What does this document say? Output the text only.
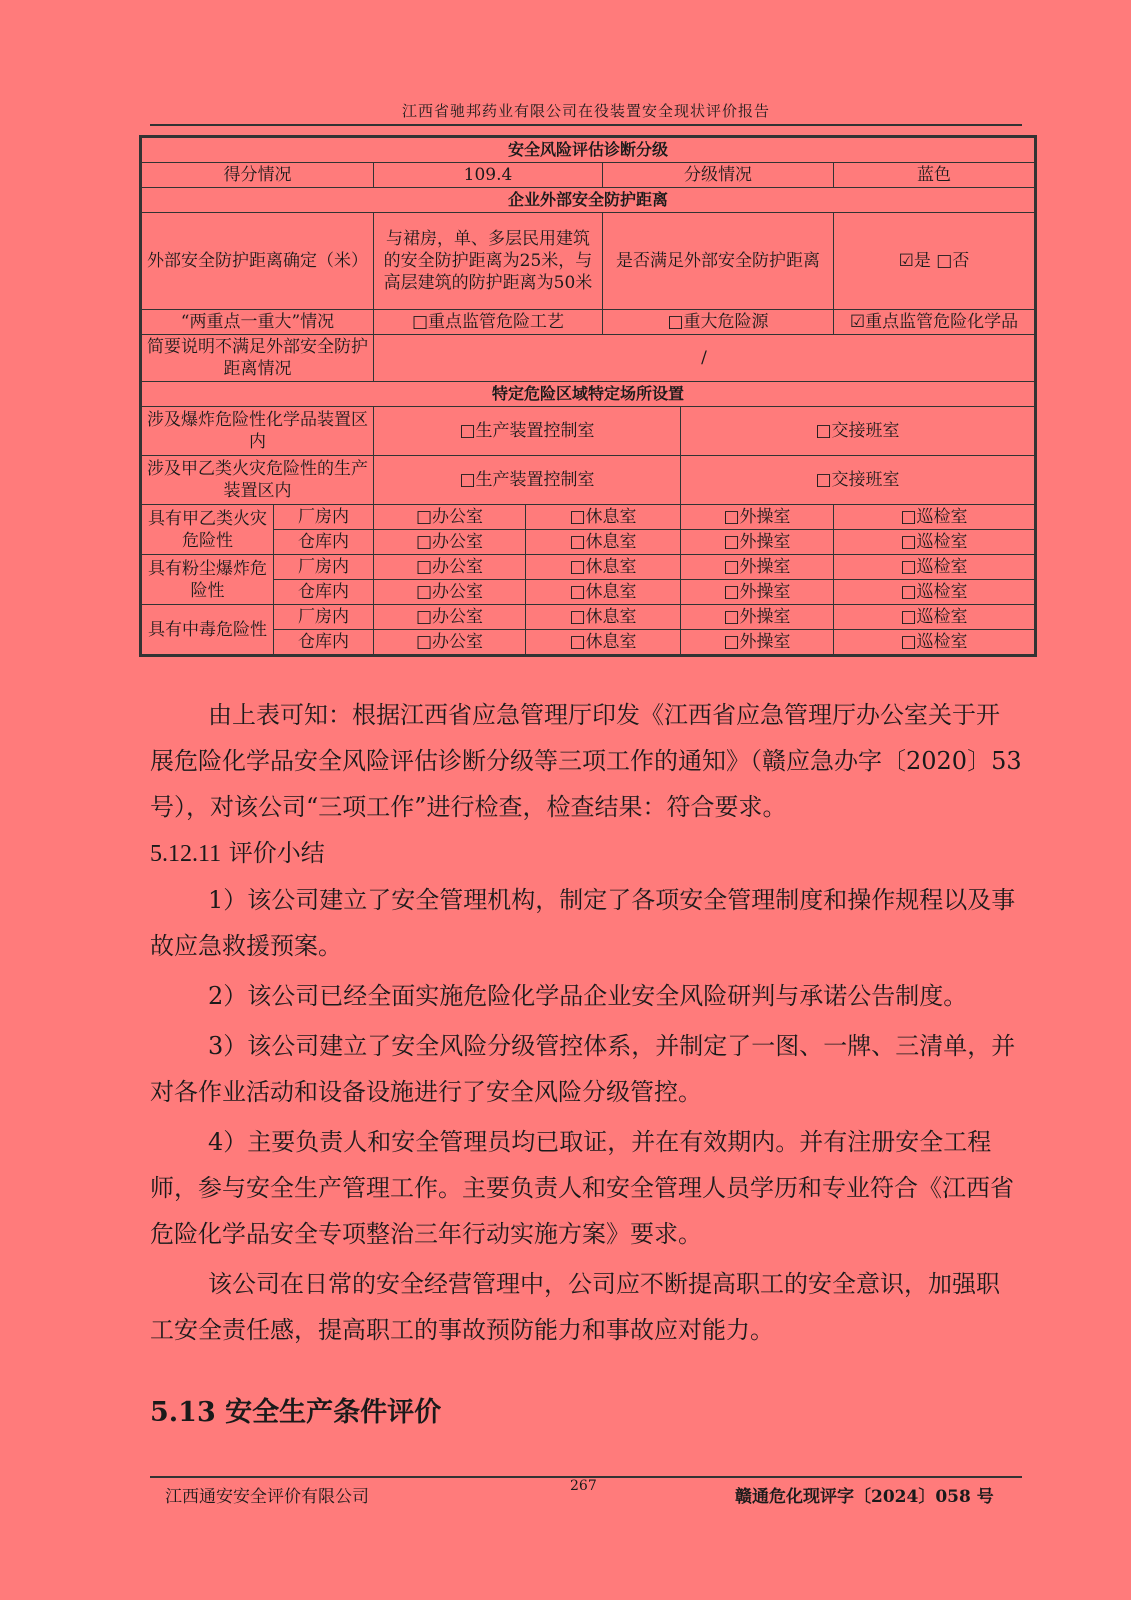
江西省驰邦药业有限公司在役装置安全现状评价报告
安全风险评估诊断分级						
得分情况		109.4		分级情况		蓝色
企业外部安全防护距离						
外部安全防护距离确定（米）		与裙房，单、多层民用建筑的安全防护距离为25米，与高层建筑的防护距离为50米		是否满足外部安全防护距离		☑是 □否
“两重点一重大”情况		□重点监管危险工艺		□重大危险源		☑重点监管危险化学品
简要说明不满足外部安全防护距离情况		/				
特定危险区域特定场所设置						
涉及爆炸危险性化学品装置区内		□生产装置控制室			□交接班室	
涉及甲乙类火灾危险性的生产装置区内		□生产装置控制室			□交接班室	
具有甲乙类火灾危险性	厂房内	□办公室	□休息室		□外操室	□巡检室
	仓库内	□办公室	□休息室		□外操室	□巡检室
具有粉尘爆炸危险性	厂房内	□办公室	□休息室		□外操室	□巡检室
	仓库内	□办公室	□休息室		□外操室	□巡检室
具有中毒危险性	厂房内	□办公室	□休息室		□外操室	□巡检室
	仓库内	□办公室	□休息室		□外操室	□巡检室

由上表可知：根据江西省应急管理厅印发《江西省应急管理厅办公室关于开展危险化学品安全风险评估诊断分级等三项工作的通知》（赣应急办字〔2020〕53号），对该公司“三项工作”进行检查，检查结果：符合要求。

5.12.11 评价小结

1）该公司建立了安全管理机构，制定了各项安全管理制度和操作规程以及事故应急救援预案。

2）该公司已经全面实施危险化学品企业安全风险研判与承诺公告制度。

3）该公司建立了安全风险分级管控体系，并制定了一图、一牌、三清单，并对各作业活动和设备设施进行了安全风险分级管控。

4）主要负责人和安全管理员均已取证，并在有效期内。并有注册安全工程师，参与安全生产管理工作。主要负责人和安全管理人员学历和专业符合《江西省危险化学品安全专项整治三年行动实施方案》要求。

该公司在日常的安全经营管理中，公司应不断提高职工的安全意识，加强职工安全责任感，提高职工的事故预防能力和事故应对能力。

5.13 安全生产条件评价
江西通安安全评价有限公司
267
赣通危化现评字〔2024〕058 号
